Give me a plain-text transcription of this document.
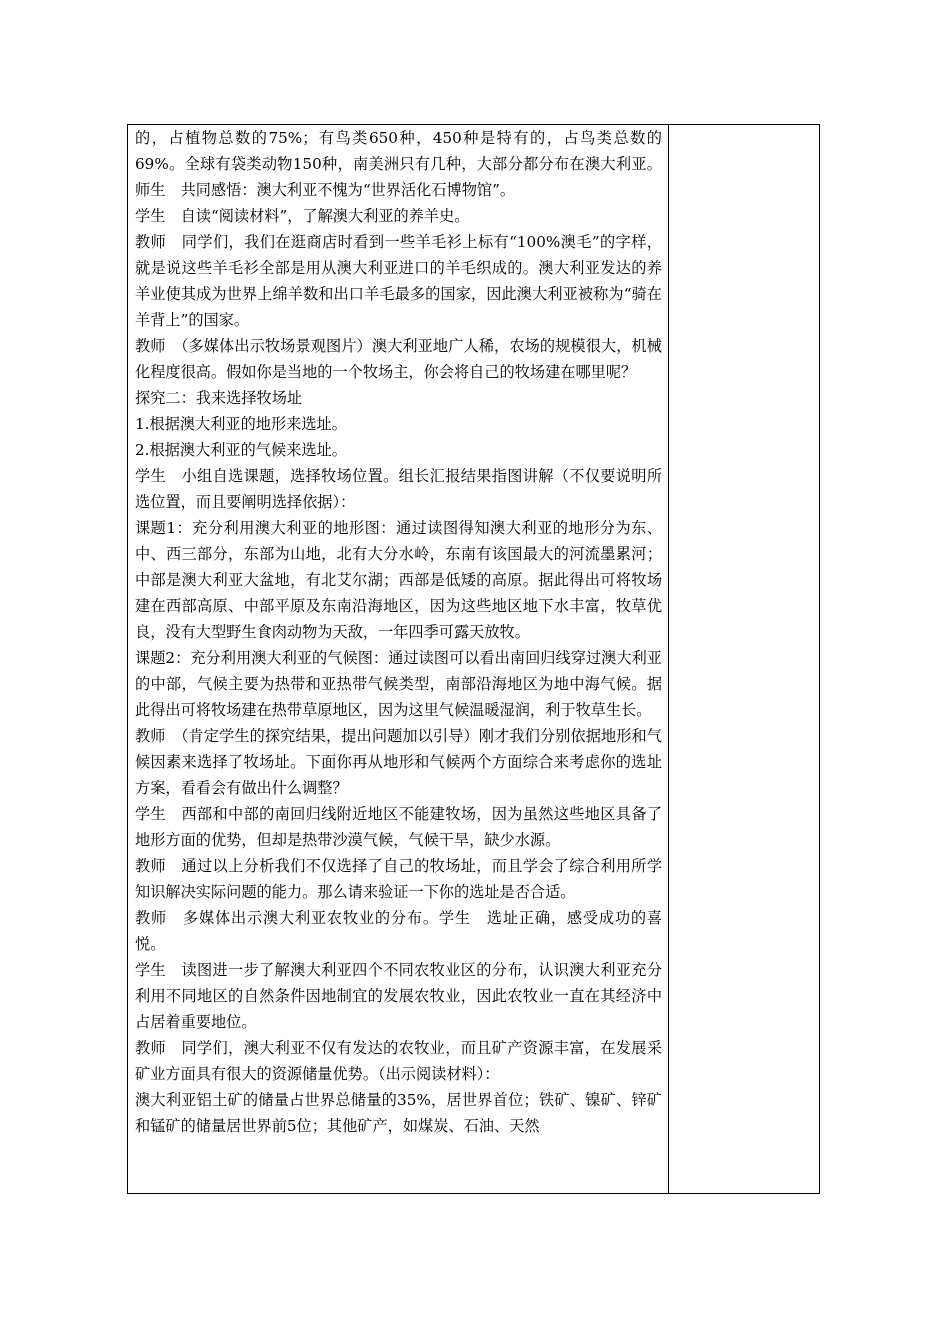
的，占植物总数的75%；有鸟类650种，450种是特有的，占鸟类总数的69%。全球有袋类动物150种，南美洲只有几种，大部分都分布在澳大利亚。师生　共同感悟：澳大利亚不愧为“世界活化石博物馆”。

学生　自读“阅读材料”，了解澳大利亚的养羊史。

教师　同学们，我们在逛商店时看到一些羊毛衫上标有“100%澳毛”的字样，就是说这些羊毛衫全部是用从澳大利亚进口的羊毛织成的。澳大利亚发达的养羊业使其成为世界上绵羊数和出口羊毛最多的国家，因此澳大利亚被称为“骑在羊背上”的国家。

教师　（多媒体出示牧场景观图片）澳大利亚地广人稀，农场的规模很大，机械化程度很高。假如你是当地的一个牧场主，你会将自己的牧场建在哪里呢？

探究二：我来选择牧场址

1.根据澳大利亚的地形来选址。

2.根据澳大利亚的气候来选址。

学生　小组自选课题，选择牧场位置。组长汇报结果指图讲解（不仅要说明所选位置，而且要阐明选择依据）：

课题1：充分利用澳大利亚的地形图：通过读图得知澳大利亚的地形分为东、中、西三部分，东部为山地，北有大分水岭，东南有该国最大的河流墨累河；中部是澳大利亚大盆地，有北艾尔湖；西部是低矮的高原。据此得出可将牧场建在西部高原、中部平原及东南沿海地区，因为这些地区地下水丰富，牧草优良，没有大型野生食肉动物为天敌，一年四季可露天放牧。

课题2：充分利用澳大利亚的气候图：通过读图可以看出南回归线穿过澳大利亚的中部，气候主要为热带和亚热带气候类型，南部沿海地区为地中海气候。据此得出可将牧场建在热带草原地区，因为这里气候温暖湿润，利于牧草生长。

教师　（肯定学生的探究结果，提出问题加以引导）刚才我们分别依据地形和气候因素来选择了牧场址。下面你再从地形和气候两个方面综合来考虑你的选址方案，看看会有做出什么调整？

学生　西部和中部的南回归线附近地区不能建牧场，因为虽然这些地区具备了地形方面的优势，但却是热带沙漠气候，气候干旱，缺少水源。

教师　通过以上分析我们不仅选择了自己的牧场址，而且学会了综合利用所学知识解决实际问题的能力。那么请来验证一下你的选址是否合适。

教师　多媒体出示澳大利亚农牧业的分布。学生　选址正确，感受成功的喜悦。

学生　读图进一步了解澳大利亚四个不同农牧业区的分布，认识澳大利亚充分利用不同地区的自然条件因地制宜的发展农牧业，因此农牧业一直在其经济中占居着重要地位。

教师　同学们，澳大利亚不仅有发达的农牧业，而且矿产资源丰富，在发展采矿业方面具有很大的资源储量优势。（出示阅读材料）：

澳大利亚铝土矿的储量占世界总储量的35%，居世界首位；铁矿、镍矿、锌矿和锰矿的储量居世界前5位；其他矿产，如煤炭、石油、天然
